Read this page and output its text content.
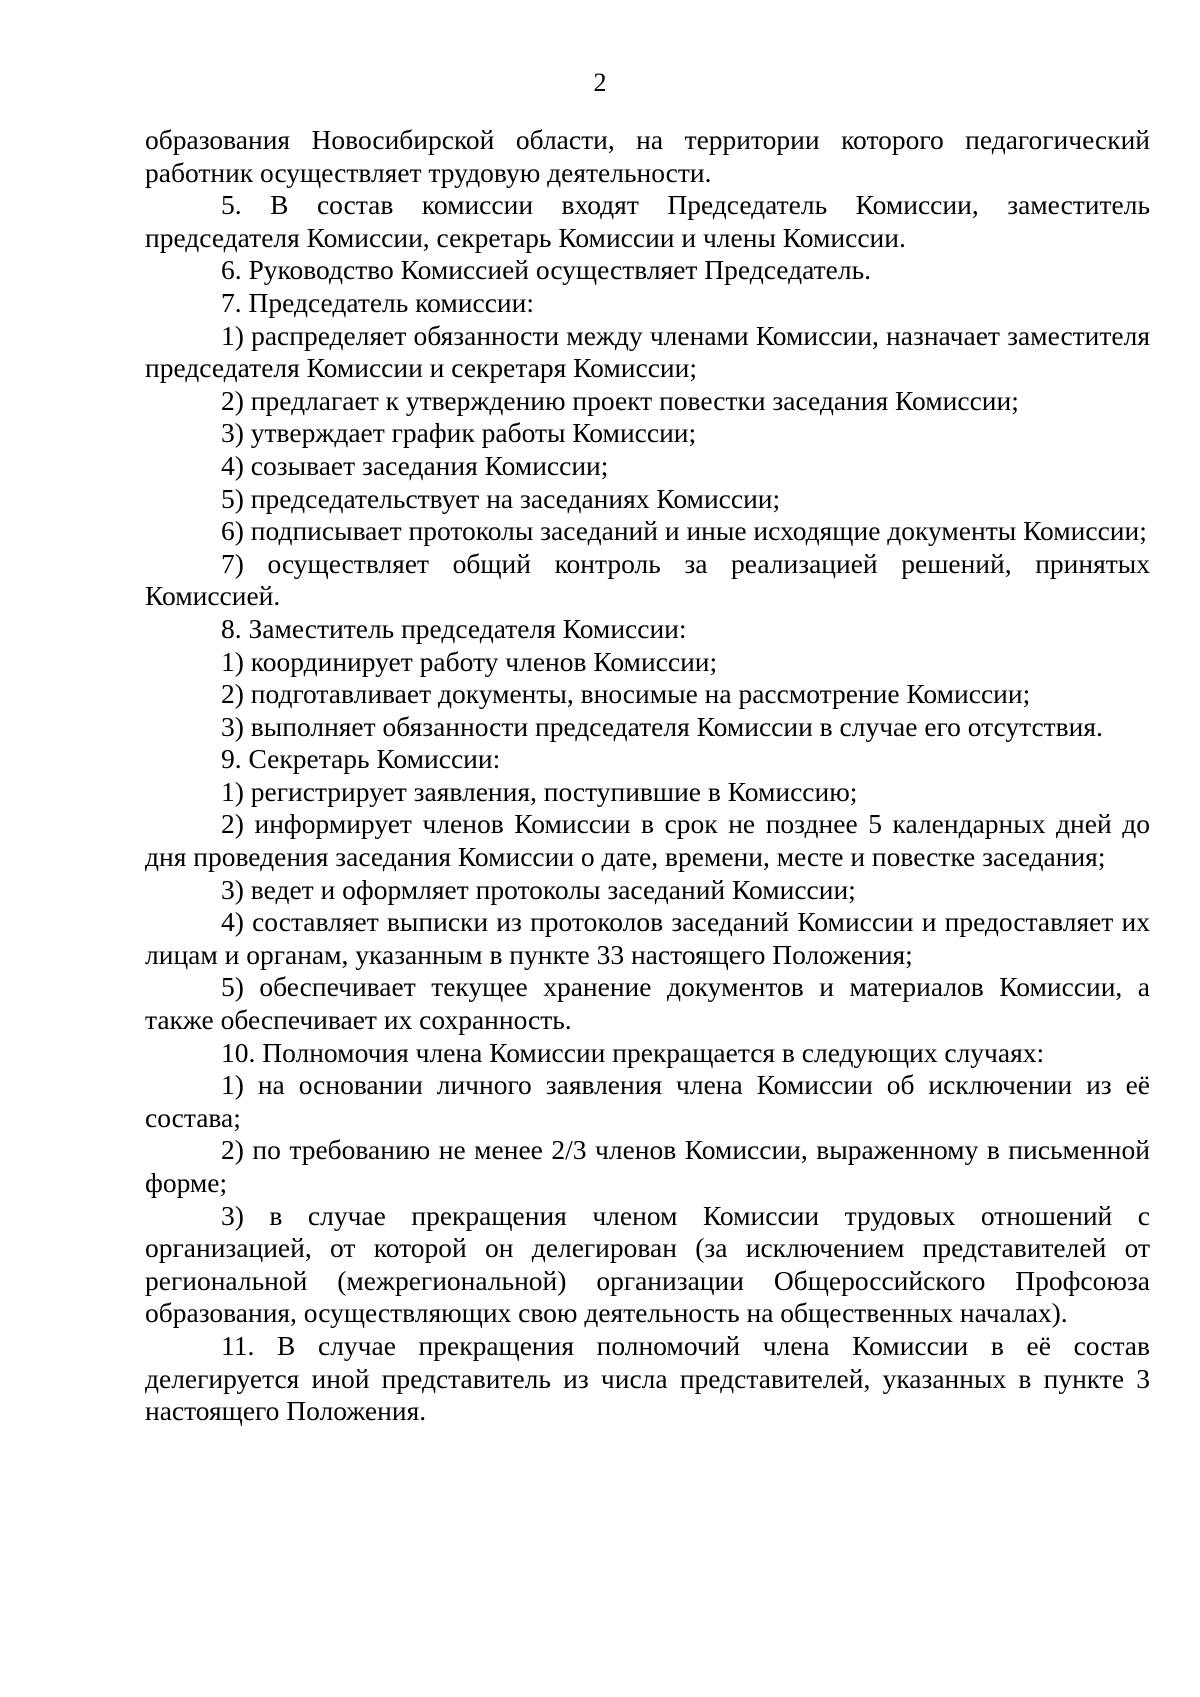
2

образования Новосибирской области, на территории которого педагогический работник осуществляет трудовую деятельности.

5. В состав комиссии входят Председатель Комиссии, заместитель председателя Комиссии, секретарь Комиссии и члены Комиссии.

6. Руководство Комиссией осуществляет Председатель.

7. Председатель комиссии:

1) распределяет обязанности между членами Комиссии, назначает заместителя председателя Комиссии и секретаря Комиссии;

2) предлагает к утверждению проект повестки заседания Комиссии;

3) утверждает график работы Комиссии;

4) созывает заседания Комиссии;

5) председательствует на заседаниях Комиссии;

6) подписывает протоколы заседаний и иные исходящие документы Комиссии;

7) осуществляет общий контроль за реализацией решений, принятых Комиссией.

8. Заместитель председателя Комиссии:

1) координирует работу членов Комиссии;

2) подготавливает документы, вносимые на рассмотрение Комиссии;

3) выполняет обязанности председателя Комиссии в случае его отсутствия.

9. Секретарь Комиссии:

1) регистрирует заявления, поступившие в Комиссию;

2) информирует членов Комиссии в срок не позднее 5 календарных дней до дня проведения заседания Комиссии о дате, времени, месте и повестке заседания;

3) ведет и оформляет протоколы заседаний Комиссии;

4) составляет выписки из протоколов заседаний Комиссии и предоставляет их лицам и органам, указанным в пункте 33 настоящего Положения;

5) обеспечивает текущее хранение документов и материалов Комиссии, а также обеспечивает их сохранность.

10. Полномочия члена Комиссии прекращается в следующих случаях:

1) на основании личного заявления члена Комиссии об исключении из её состава;

2) по требованию не менее 2/3 членов Комиссии, выраженному в письменной форме;

3) в случае прекращения членом Комиссии трудовых отношений с организацией, от которой он делегирован (за исключением представителей от региональной (межрегиональной) организации Общероссийского Профсоюза образования, осуществляющих свою деятельность на общественных началах).

11. В случае прекращения полномочий члена Комиссии в её состав делегируется иной представитель из числа представителей, указанных в пункте 3 настоящего Положения.
